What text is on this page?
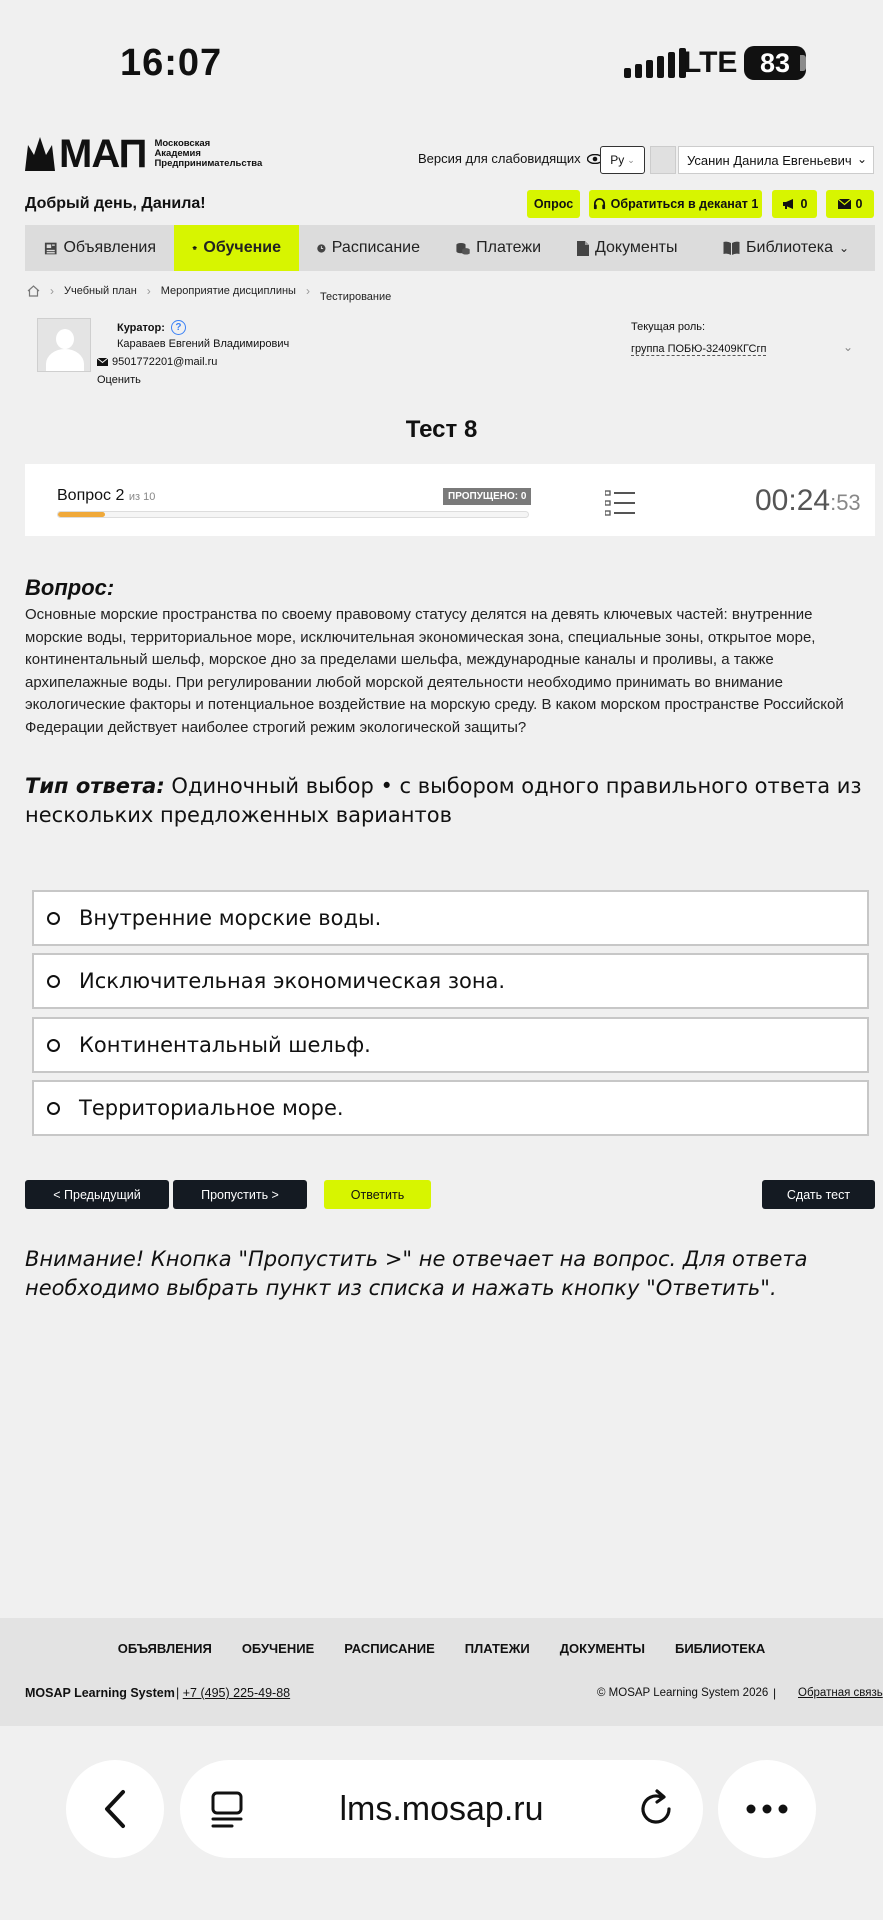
16:07	LTE 83
МАП Московская
Академия
Предпринимательства	Версия для слабовидящих Ру ⌄	Усанин Данила Евгеньевич ⌄
Добрый день, Данила!	Опрос	Обратиться в деканат 1	0	0
Объявления	Обучение	Расписание	Платежи	Документы	Библиотека ⌄
› Учебный план › Мероприятие дисциплины › Тестирование
Куратор:	?
Караваев Евгений Владимирович
9501772201@mail.ru
Оценить
Текущая роль:
группа ПОБЮ-32409КГСгп	⌄
Тест 8
Вопрос 2 из 10	ПРОПУЩЕНО: 0	00:24:53
Вопрос:
Основные морские пространства по своему правовому статусу делятся на девять ключевых частей: внутренние морские воды, территориальное море, исключительная экономическая зона, специальные зоны, открытое море, континентальный шельф, морское дно за пределами шельфа, международные каналы и проливы, а также архипелажные воды. При регулировании любой морской деятельности необходимо принимать во внимание экологические факторы и потенциальное воздействие на морскую среду. В каком морском пространстве Российской Федерации действует наиболее строгий режим экологической защиты?
Тип ответа: Одиночный выбор • с выбором одного правильного ответа из нескольких предложенных вариантов
Внутренние морские воды.
Исключительная экономическая зона.
Континентальный шельф.
Территориальное море.
< Предыдущий	Пропустить >	Ответить	Сдать тест
Внимание! Кнопка "Пропустить >" не отвечает на вопрос. Для ответа необходимо выбрать пункт из списка и нажать кнопку "Ответить".
ОБЪЯВЛЕНИЯ ОБУЧЕНИЕ РАСПИСАНИЕ ПЛАТЕЖИ ДОКУМЕНТЫ БИБЛИОТЕКА
MOSAP Learning System | +7 (495) 225-49-88	© MOSAP Learning System 2026 | Обратная связь
lms.mosap.ru
